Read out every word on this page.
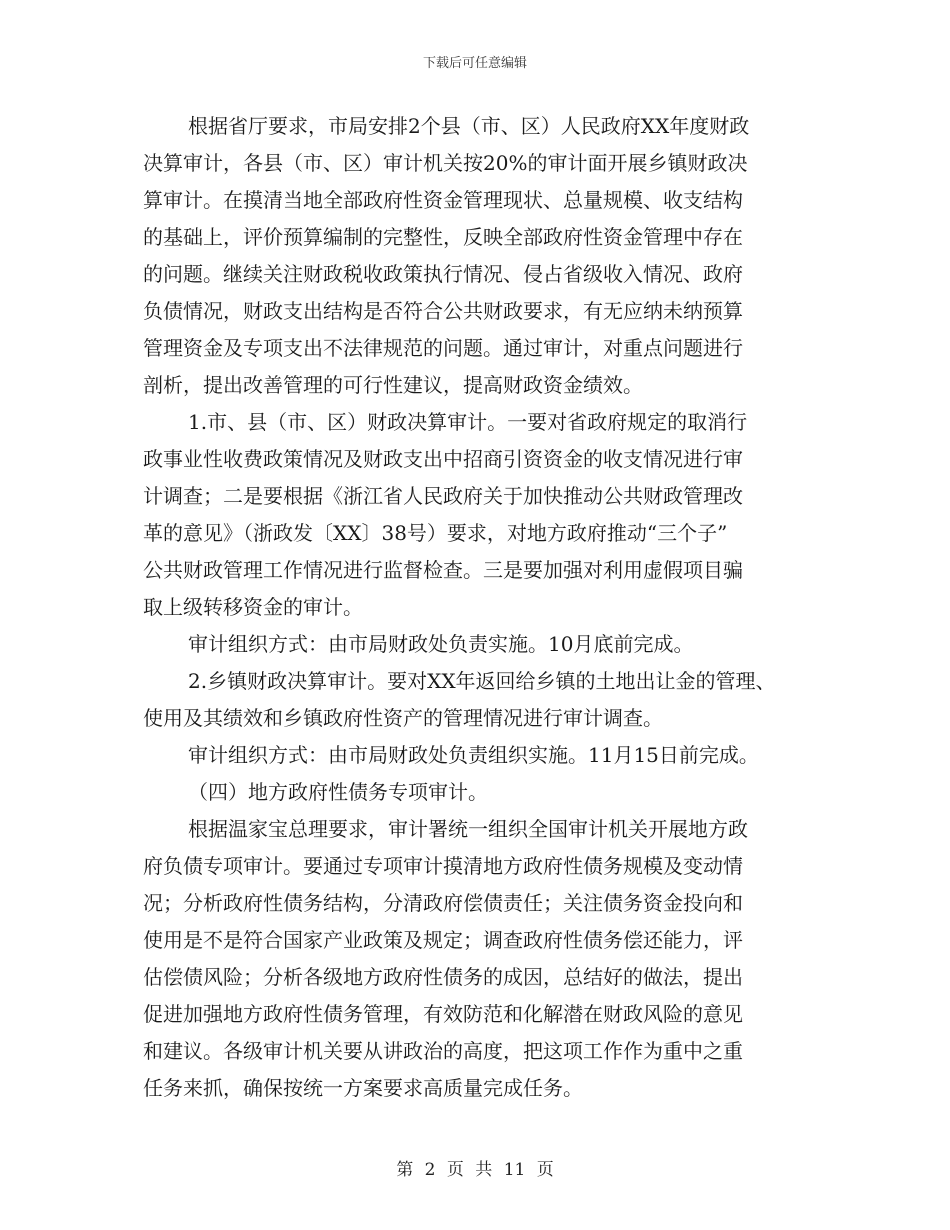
下载后可任意编辑
根据省厅要求，市局安排2个县（市、区）人民政府XX年度财政
决算审计，各县（市、区）审计机关按20%的审计面开展乡镇财政决
算审计。在摸清当地全部政府性资金管理现状、总量规模、收支结构
的基础上，评价预算编制的完整性，反映全部政府性资金管理中存在
的问题。继续关注财政税收政策执行情况、侵占省级收入情况、政府
负债情况，财政支出结构是否符合公共财政要求，有无应纳未纳预算
管理资金及专项支出不法律规范的问题。通过审计，对重点问题进行
剖析，提出改善管理的可行性建议，提高财政资金绩效。
1.市、县（市、区）财政决算审计。一要对省政府规定的取消行
政事业性收费政策情况及财政支出中招商引资资金的收支情况进行审
计调查；二是要根据《浙江省人民政府关于加快推动公共财政管理改
革的意见》（浙政发〔XX〕38号）要求，对地方政府推动“三个子”
公共财政管理工作情况进行监督检查。三是要加强对利用虚假项目骗
取上级转移资金的审计。
审计组织方式：由市局财政处负责实施。10月底前完成。
2.乡镇财政决算审计。要对XX年返回给乡镇的土地出让金的管理、
使用及其绩效和乡镇政府性资产的管理情况进行审计调查。
审计组织方式：由市局财政处负责组织实施。11月15日前完成。
（四）地方政府性债务专项审计。
根据温家宝总理要求，审计署统一组织全国审计机关开展地方政
府负债专项审计。要通过专项审计摸清地方政府性债务规模及变动情
况；分析政府性债务结构，分清政府偿债责任；关注债务资金投向和
使用是不是符合国家产业政策及规定；调查政府性债务偿还能力，评
估偿债风险；分析各级地方政府性债务的成因，总结好的做法，提出
促进加强地方政府性债务管理，有效防范和化解潜在财政风险的意见
和建议。各级审计机关要从讲政治的高度，把这项工作作为重中之重
任务来抓，确保按统一方案要求高质量完成任务。
第 2 页 共 11 页
